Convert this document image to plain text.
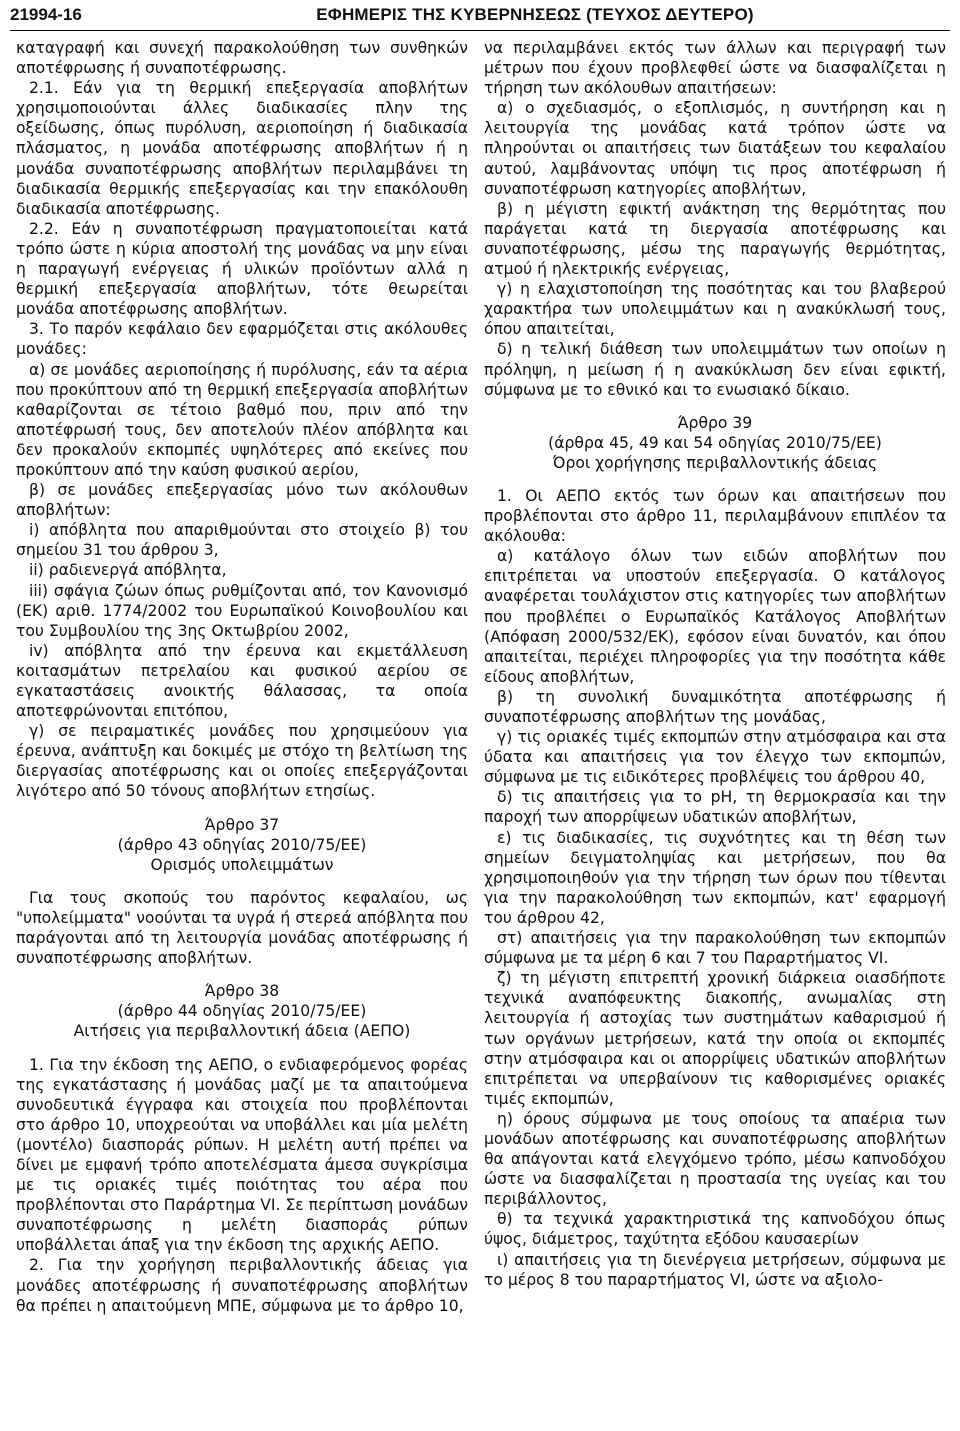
21994-16	ΕΦΗΜΕΡΙΣ ΤΗΣ ΚΥΒΕΡΝΗΣΕΩΣ (ΤΕΥΧΟΣ ΔΕΥΤΕΡΟ)

καταγραφή και συνεχή παρακολούθηση των συνθηκών αποτέφρωσης ή συναποτέφρωσης.

2.1. Εάν για τη θερμική επεξεργασία αποβλήτων χρησιμοποιούνται άλλες διαδικασίες πλην της οξείδωσης, όπως πυρόλυση, αεριοποίηση ή διαδικασία πλάσματος, η μονάδα αποτέφρωσης αποβλήτων ή η μονάδα συναποτέφρωσης αποβλήτων περιλαμβάνει τη διαδικασία θερμικής επεξεργασίας και την επακόλουθη διαδικασία αποτέφρωσης.

2.2. Εάν η συναποτέφρωση πραγματοποιείται κατά τρόπο ώστε η κύρια αποστολή της μονάδας να μην είναι η παραγωγή ενέργειας ή υλικών προϊόντων αλλά η θερμική επεξεργασία αποβλήτων, τότε θεωρείται μονάδα αποτέφρωσης αποβλήτων.

3. Το παρόν κεφάλαιο δεν εφαρμόζεται στις ακόλουθες μονάδες:

α) σε μονάδες αεριοποίησης ή πυρόλυσης, εάν τα αέρια που προκύπτουν από τη θερμική επεξεργασία αποβλήτων καθαρίζονται σε τέτοιο βαθμό που, πριν από την αποτέφρωσή τους, δεν αποτελούν πλέον απόβλητα και δεν προκαλούν εκπομπές υψηλότερες από εκείνες που προκύπτουν από την καύση φυσικού αερίου,

β) σε μονάδες επεξεργασίας μόνο των ακόλουθων αποβλήτων:

i) απόβλητα που απαριθμούνται στο στοιχείο β) του σημείου 31 του άρθρου 3,

ii) ραδιενεργά απόβλητα,

iii) σφάγια ζώων όπως ρυθμίζονται από, τον Κανονισμό (ΕΚ) αριθ. 1774/2002 του Ευρωπαϊκού Κοινοβουλίου και του Συμβουλίου της 3ης Οκτωβρίου 2002,

iv) απόβλητα από την έρευνα και εκμετάλλευση κοιτασμάτων πετρελαίου και φυσικού αερίου σε εγκαταστάσεις ανοικτής θάλασσας, τα οποία αποτεφρώνονται επιτόπου,

γ) σε πειραματικές μονάδες που χρησιμεύουν για έρευνα, ανάπτυξη και δοκιμές με στόχο τη βελτίωση της διεργασίας αποτέφρωσης και οι οποίες επεξεργάζονται λιγότερο από 50 τόνους αποβλήτων ετησίως.

Άρθρο 37
(άρθρο 43 οδηγίας 2010/75/ΕΕ)
Ορισμός υπολειμμάτων

Για τους σκοπούς του παρόντος κεφαλαίου, ως "υπολείμματα" νοούνται τα υγρά ή στερεά απόβλητα που παράγονται από τη λειτουργία μονάδας αποτέφρωσης ή συναποτέφρωσης αποβλήτων.

Άρθρο 38
(άρθρο 44 οδηγίας 2010/75/ΕΕ)
Αιτήσεις για περιβαλλοντική άδεια (ΑΕΠΟ)

1. Για την έκδοση της ΑΕΠΟ, ο ενδιαφερόμενος φορέας της εγκατάστασης ή μονάδας μαζί με τα απαιτούμενα συνοδευτικά έγγραφα και στοιχεία που προβλέπονται στο άρθρο 10, υποχρεούται να υποβάλλει και μία μελέτη (μοντέλο) διασποράς ρύπων. Η μελέτη αυτή πρέπει να δίνει με εμφανή τρόπο αποτελέσματα άμεσα συγκρίσιμα με τις οριακές τιμές ποιότητας του αέρα που προβλέπονται στο Παράρτημα VI. Σε περίπτωση μονάδων συναποτέφρωσης η μελέτη διασποράς ρύπων υποβάλλεται άπαξ για την έκδοση της αρχικής ΑΕΠΟ.

2. Για την χορήγηση περιβαλλοντικής άδειας για μονάδες αποτέφρωσης ή συναποτέφρωσης αποβλήτων θα πρέπει η απαιτούμενη ΜΠΕ, σύμφωνα με το άρθρο 10,

να περιλαμβάνει εκτός των άλλων και περιγραφή των μέτρων που έχουν προβλεφθεί ώστε να διασφαλίζεται η τήρηση των ακόλουθων απαιτήσεων:

α) ο σχεδιασμός, ο εξοπλισμός, η συντήρηση και η λειτουργία της μονάδας κατά τρόπον ώστε να πληρούνται οι απαιτήσεις των διατάξεων του κεφαλαίου αυτού, λαμβάνοντας υπόψη τις προς αποτέφρωση ή συναποτέφρωση κατηγορίες αποβλήτων,

β) η μέγιστη εφικτή ανάκτηση της θερμότητας που παράγεται κατά τη διεργασία αποτέφρωσης και συναποτέφρωσης, μέσω της παραγωγής θερμότητας, ατμού ή ηλεκτρικής ενέργειας,

γ) η ελαχιστοποίηση της ποσότητας και του βλαβερού χαρακτήρα των υπολειμμάτων και η ανακύκλωσή τους, όπου απαιτείται,

δ) η τελική διάθεση των υπολειμμάτων των οποίων η πρόληψη, η μείωση ή η ανακύκλωση δεν είναι εφικτή, σύμφωνα με το εθνικό και το ενωσιακό δίκαιο.

Άρθρο 39
(άρθρα 45, 49 και 54 οδηγίας 2010/75/ΕΕ)
Όροι χορήγησης περιβαλλοντικής άδειας

1. Οι ΑΕΠΟ εκτός των όρων και απαιτήσεων που προβλέπονται στο άρθρο 11, περιλαμβάνουν επιπλέον τα ακόλουθα:

α) κατάλογο όλων των ειδών αποβλήτων που επιτρέπεται να υποστούν επεξεργασία. Ο κατάλογος αναφέρεται τουλάχιστον στις κατηγορίες των αποβλήτων που προβλέπει ο Ευρωπαϊκός Κατάλογος Αποβλήτων (Απόφαση 2000/532/ΕΚ), εφόσον είναι δυνατόν, και όπου απαιτείται, περιέχει πληροφορίες για την ποσότητα κάθε είδους αποβλήτων,

β) τη συνολική δυναμικότητα αποτέφρωσης ή συναποτέφρωσης αποβλήτων της μονάδας,

γ) τις οριακές τιμές εκπομπών στην ατμόσφαιρα και στα ύδατα και απαιτήσεις για τον έλεγχο των εκπομπών, σύμφωνα με τις ειδικότερες προβλέψεις του άρθρου 40,

δ) τις απαιτήσεις για το pH, τη θερμοκρασία και την παροχή των απορρίψεων υδατικών αποβλήτων,

ε) τις διαδικασίες, τις συχνότητες και τη θέση των σημείων δειγματοληψίας και μετρήσεων, που θα χρησιμοποιηθούν για την τήρηση των όρων που τίθενται για την παρακολούθηση των εκπομπών, κατ' εφαρμογή του άρθρου 42,

στ) απαιτήσεις για την παρακολούθηση των εκπομπών σύμφωνα με τα μέρη 6 και 7 του Παραρτήματος VI.

ζ) τη μέγιστη επιτρεπτή χρονική διάρκεια οιασδήποτε τεχνικά αναπόφευκτης διακοπής, ανωμαλίας στη λειτουργία ή αστοχίας των συστημάτων καθαρισμού ή των οργάνων μετρήσεων, κατά την οποία οι εκπομπές στην ατμόσφαιρα και οι απορρίψεις υδατικών αποβλήτων επιτρέπεται να υπερβαίνουν τις καθορισμένες οριακές τιμές εκπομπών,

η) όρους σύμφωνα με τους οποίους τα απαέρια των μονάδων αποτέφρωσης και συναποτέφρωσης αποβλήτων θα απάγονται κατά ελεγχόμενο τρόπο, μέσω καπνοδόχου ώστε να διασφαλίζεται η προστασία της υγείας και του περιβάλλοντος,

θ) τα τεχνικά χαρακτηριστικά της καπνοδόχου όπως ύψος, διάμετρος, ταχύτητα εξόδου καυσαερίων

ι) απαιτήσεις για τη διενέργεια μετρήσεων, σύμφωνα με το μέρος 8 του παραρτήματος VI, ώστε να αξιολο-
